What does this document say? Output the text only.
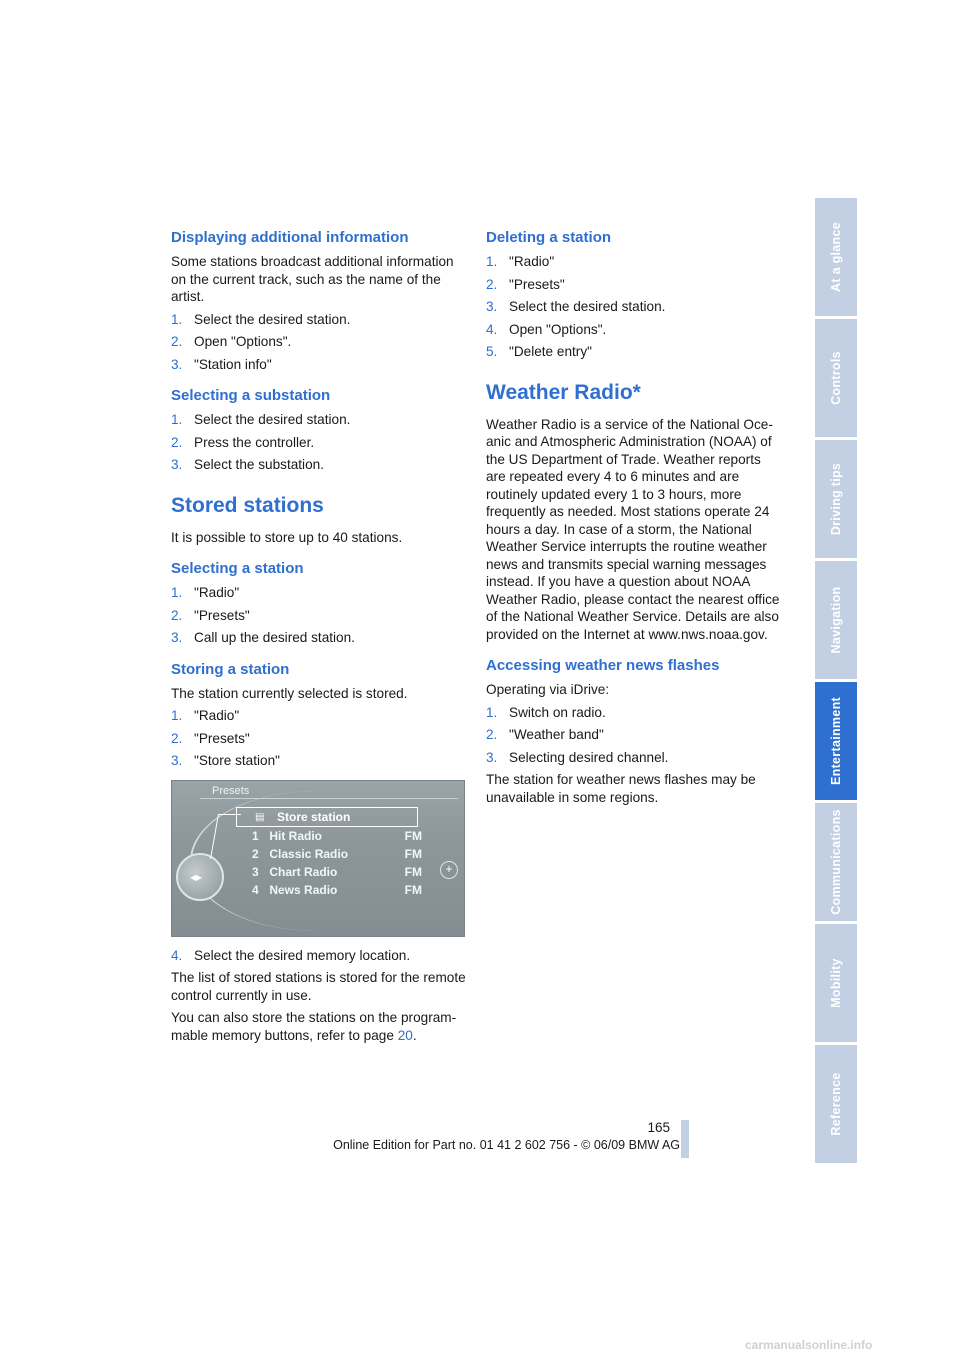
Displaying additional information

Some stations broadcast additional information on the current track, such as the name of the artist.

1. Select the desired station.
2. Open "Options".
3. "Station info"
Selecting a substation
1. Select the desired station.
2. Press the controller.
3. Select the substation.
Stored stations

It is possible to store up to 40 stations.

Selecting a station
1. "Radio"
2. "Presets"
3. Call up the desired station.
Storing a station

The station currently selected is stored.

1. "Radio"
2. "Presets"
3. "Store station"
Presets
◂▸
▤ Store station
1 Hit Radio	FM
2 Classic Radio	FM
3 Chart Radio	FM
4 News Radio	FM
+
4. Select the desired memory location.

The list of stored stations is stored for the remote control currently in use.

You can also store the stations on the program-mable memory buttons, refer to page 20.

Deleting a station
1. "Radio"
2. "Presets"
3. Select the desired station.
4. Open "Options".
5. "Delete entry"
Weather Radio*

Weather Radio is a service of the National Oce-anic and Atmospheric Administration (NOAA) of the US Department of Trade. Weather reports are repeated every 4 to 6 minutes and are routinely updated every 1 to 3 hours, more frequently as needed. Most stations operate 24 hours a day. In case of a storm, the National Weather Service interrupts the routine weather news and transmits special warning messages instead. If you have a question about NOAA Weather Radio, please contact the nearest office of the National Weather Service. Details are also provided on the Internet at www.nws.noaa.gov.

Accessing weather news flashes

Operating via iDrive:

1. Switch on radio.
2. "Weather band"
3. Selecting desired channel.

The station for weather news flashes may be unavailable in some regions.

At a glance
Controls
Driving tips
Navigation
Entertainment
Communications
Mobility
Reference
165
Online Edition for Part no. 01 41 2 602 756 - © 06/09 BMW AG
carmanualsonline.info
